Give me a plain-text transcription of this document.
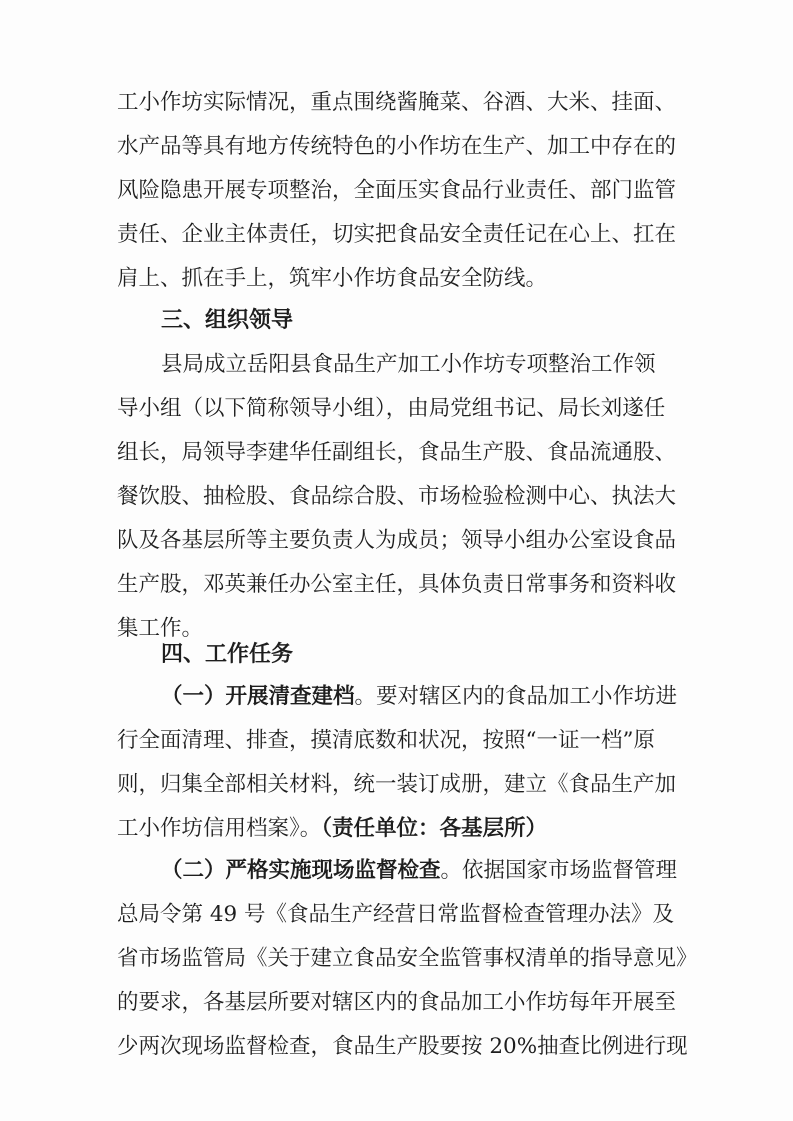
工小作坊实际情况，重点围绕酱腌菜、谷酒、大米、挂面、
水产品等具有地方传统特色的小作坊在生产、加工中存在的
风险隐患开展专项整治，全面压实食品行业责任、部门监管
责任、企业主体责任，切实把食品安全责任记在心上、扛在
肩上、抓在手上，筑牢小作坊食品安全防线。
三、组织领导
县局成立岳阳县食品生产加工小作坊专项整治工作领
导小组（以下简称领导小组），由局党组书记、局长刘遂任
组长，局领导李建华任副组长，食品生产股、食品流通股、
餐饮股、抽检股、食品综合股、市场检验检测中心、执法大
队及各基层所等主要负责人为成员；领导小组办公室设食品
生产股，邓英兼任办公室主任，具体负责日常事务和资料收
集工作。
四、工作任务
（一）开展清查建档。要对辖区内的食品加工小作坊进
行全面清理、排查，摸清底数和状况，按照“一证一档”原
则，归集全部相关材料，统一装订成册，建立《食品生产加
工小作坊信用档案》。（责任单位：各基层所）
（二）严格实施现场监督检查。依据国家市场监督管理
总局令第 49 号《食品生产经营日常监督检查管理办法》及
省市场监管局《关于建立食品安全监管事权清单的指导意见》
的要求，各基层所要对辖区内的食品加工小作坊每年开展至
少两次现场监督检查，食品生产股要按 20%抽查比例进行现
